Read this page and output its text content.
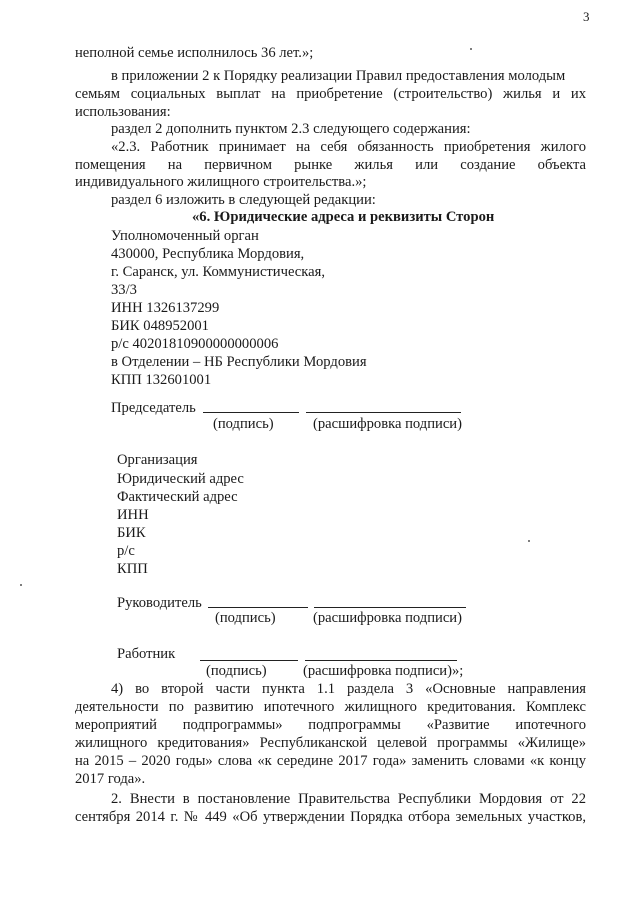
3
неполной семье исполнилось 36 лет.»;
в приложении 2 к Порядку реализации Правил предоставления молодым
семьям социальных выплат на приобретение (строительство) жилья и их
использования:
раздел 2 дополнить пунктом 2.3 следующего содержания:
«2.3. Работник принимает на себя обязанность приобретения жилого
помещения на первичном рынке жилья или создание объекта
индивидуального жилищного строительства.»;
раздел 6 изложить в следующей редакции:
«6. Юридические адреса и реквизиты Сторон
Уполномоченный орган
430000, Республика Мордовия,
г. Саранск, ул. Коммунистическая,
33/3
ИНН 1326137299
БИК 048952001
р/с 40201810900000000006
в Отделении – НБ Республики Мордовия
КПП 132601001
Председатель
(подпись)	(расшифровка подписи)
Организация
Юридический адрес
Фактический адрес
ИНН
БИК
р/с
КПП
Руководитель
(подпись)	(расшифровка подписи)
Работник
(подпись) (расшифровка подписи)»;
4) во второй части пункта 1.1 раздела 3 «Основные направления
деятельности по развитию ипотечного жилищного кредитования. Комплекс
мероприятий подпрограммы» подпрограммы «Развитие ипотечного
жилищного кредитования» Республиканской целевой программы «Жилище»
на 2015 – 2020 годы» слова «к середине 2017 года» заменить словами «к концу
2017 года».
2. Внести в постановление Правительства Республики Мордовия от 22
сентября 2014 г. № 449 «Об утверждении Порядка отбора земельных участков,
